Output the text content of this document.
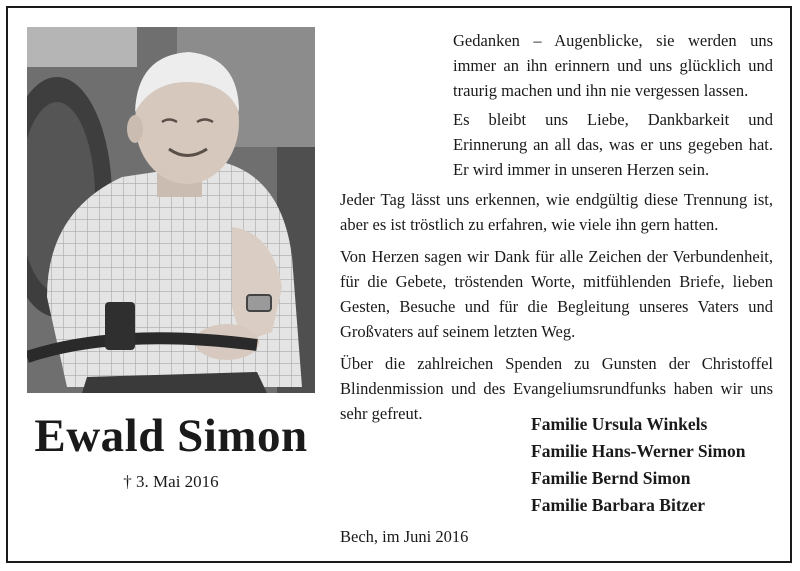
Ewald Simon
† 3. Mai 2016

Gedanken – Augenblicke, sie werden uns immer an ihn erinnern und uns glücklich und traurig machen und ihn nie vergessen lassen.

Es bleibt uns Liebe, Dankbarkeit und Erinnerung an all das, was er uns gegeben hat. Er wird immer in unseren Herzen sein.

Jeder Tag lässt uns erkennen, wie endgültig diese Trennung ist, aber es ist tröstlich zu erfahren, wie viele ihn gern hatten.

Von Herzen sagen wir Dank für alle Zeichen der Verbundenheit, für die Gebete, tröstenden Worte, mitfühlenden Briefe, lieben Gesten, Besuche und für die Begleitung unseres Vaters und Großvaters auf seinem letzten Weg.

Über die zahlreichen Spenden zu Gunsten der Christoffel Blindenmission und des Evangeliumsrundfunks haben wir uns sehr gefreut.

Familie Ursula Winkels
Familie Hans-Werner Simon
Familie Bernd Simon
Familie Barbara Bitzer
Bech, im Juni 2016
